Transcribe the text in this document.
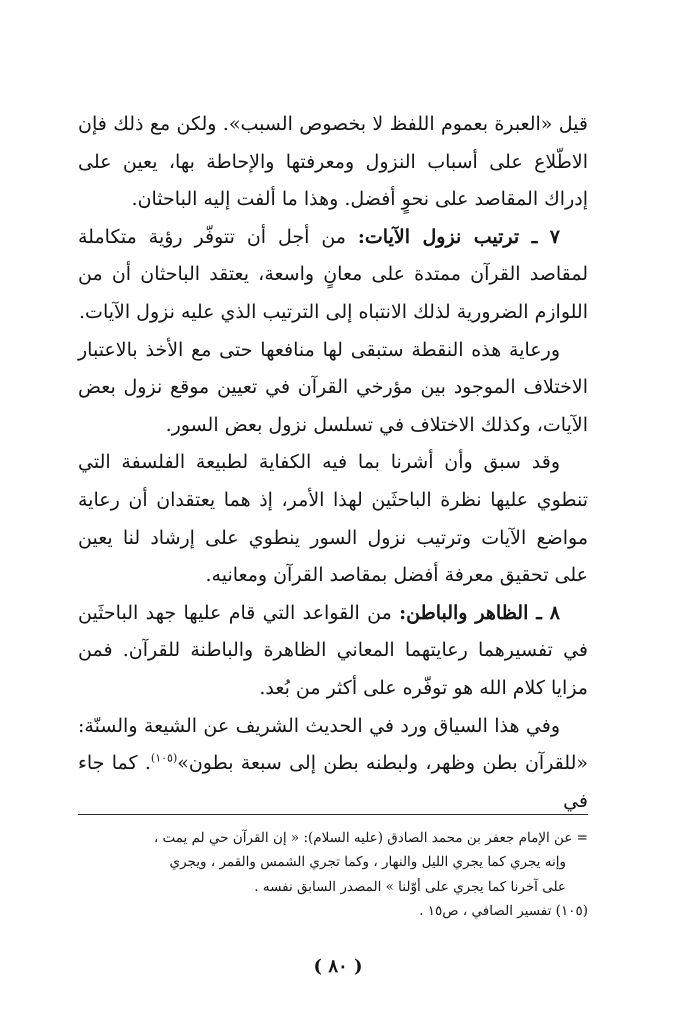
قيل «العبرة بعموم اللفظ لا بخصوص السبب». ولكن مع ذلك فإن الاطّلاع على أسباب النزول ومعرفتها والإحاطة بها، يعين على إدراك المقاصد على نحوٍ أفضل. وهذا ما ألفت إليه الباحثان.

٧ ـ ترتيب نزول الآيات: من أجل أن تتوفّر رؤية متكاملة لمقاصد القرآن ممتدة على معانٍ واسعة، يعتقد الباحثان أن من اللوازم الضرورية لذلك الانتباه إلى الترتيب الذي عليه نزول الآيات.

ورعاية هذه النقطة ستبقى لها منافعها حتى مع الأخذ بالاعتبار الاختلاف الموجود بين مؤرخي القرآن في تعيين موقع نزول بعض الآيات، وكذلك الاختلاف في تسلسل نزول بعض السور.

وقد سبق وأن أشرنا بما فيه الكفاية لطبيعة الفلسفة التي تنطوي عليها نظرة الباحثَين لهذا الأمر، إذ هما يعتقدان أن رعاية مواضع الآيات وترتيب نزول السور ينطوي على إرشاد لنا يعين على تحقيق معرفة أفضل بمقاصد القرآن ومعانيه.

٨ ـ الظاهر والباطن: من القواعد التي قام عليها جهد الباحثَين في تفسيرهما رعايتهما المعاني الظاهرة والباطنة للقرآن. فمن مزايا كلام الله هو توفّره على أكثر من بُعد.

وفي هذا السياق ورد في الحديث الشريف عن الشيعة والسنّة: «للقرآن بطن وظهر، ولبطنه بطن إلى سبعة بطون»$^{(١٠٥)}$. كما جاء في

= عن الإمام جعفر بن محمد الصادق (عليه السلام): « إن القرآن حي لم يمت ،

وإنه يجري كما يجري الليل والنهار ، وكما تجري الشمس والقمر ، ويجري

على آخرنا كما يجري على أوّلنا » المصدر السابق نفسه .

(١٠٥) تفسير الصافي ، ص١٥ .

( ٨٠ )
